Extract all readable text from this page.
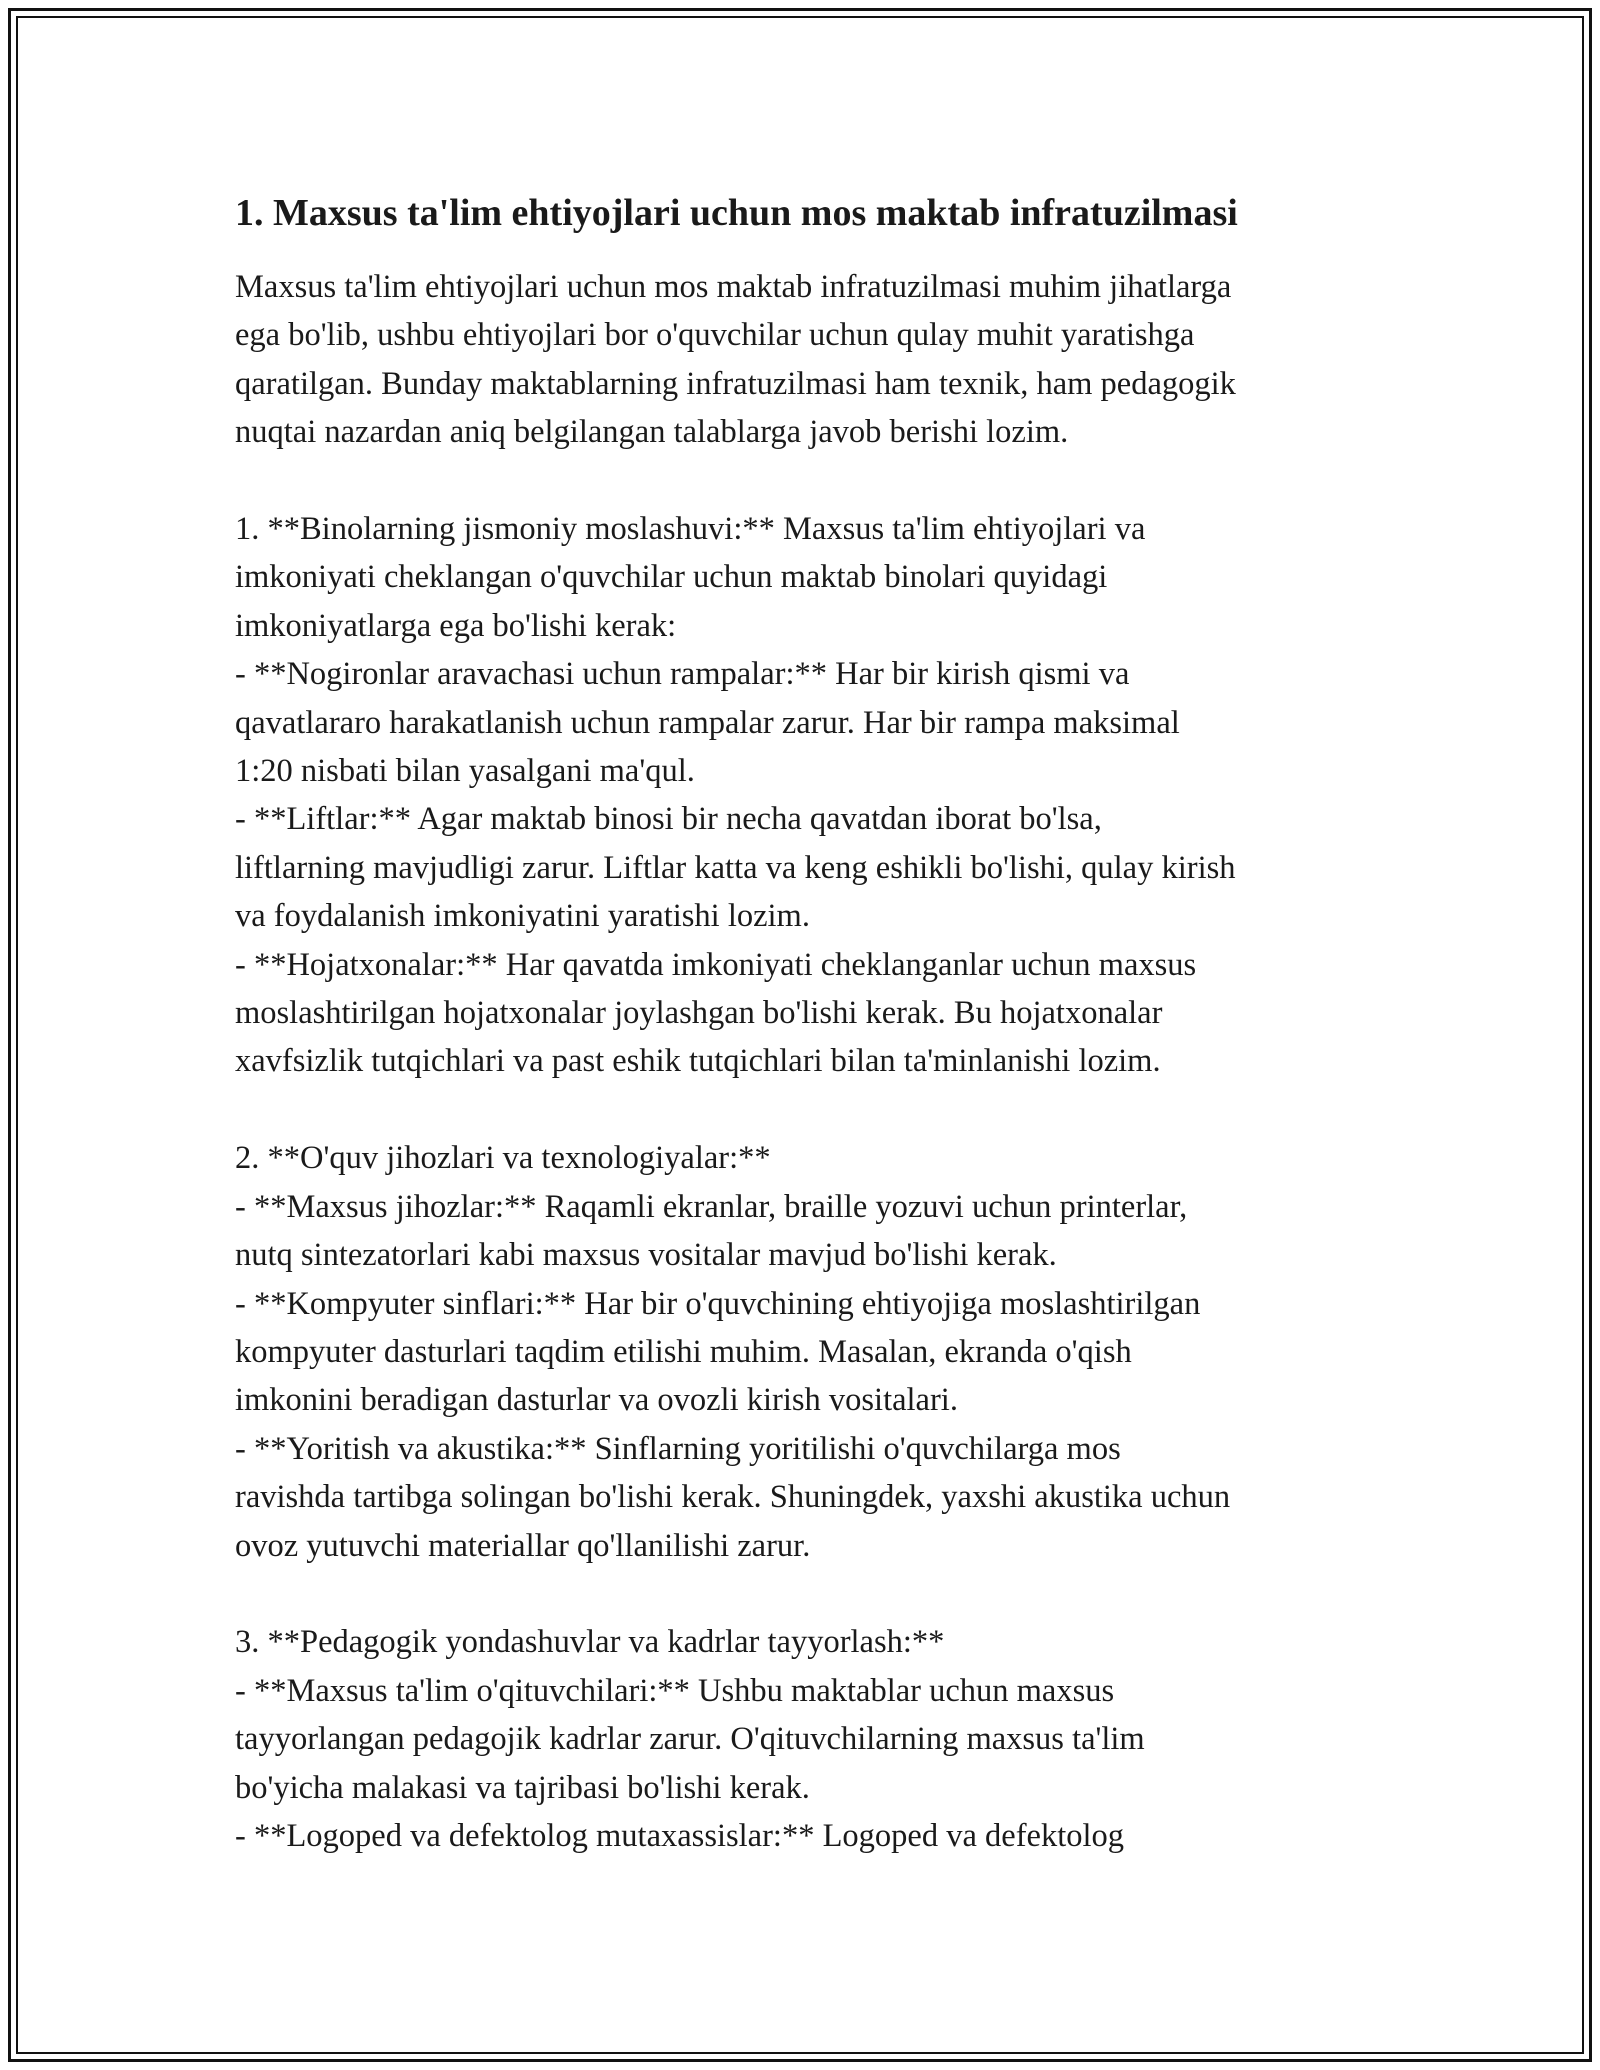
1. Maxsus ta'lim ehtiyojlari uchun mos maktab infratuzilmasi

Maxsus ta'lim ehtiyojlari uchun mos maktab infratuzilmasi muhim jihatlarga
ega bo'lib, ushbu ehtiyojlari bor o'quvchilar uchun qulay muhit yaratishga
qaratilgan. Bunday maktablarning infratuzilmasi ham texnik, ham pedagogik
nuqtai nazardan aniq belgilangan talablarga javob berishi lozim.

1. **Binolarning jismoniy moslashuvi:** Maxsus ta'lim ehtiyojlari va
imkoniyati cheklangan o'quvchilar uchun maktab binolari quyidagi
imkoniyatlarga ega bo'lishi kerak:

- **Nogironlar aravachasi uchun rampalar:** Har bir kirish qismi va
qavatlararo harakatlanish uchun rampalar zarur. Har bir rampa maksimal
1:20 nisbati bilan yasalgani ma'qul.

- **Liftlar:** Agar maktab binosi bir necha qavatdan iborat bo'lsa,
liftlarning mavjudligi zarur. Liftlar katta va keng eshikli bo'lishi, qulay kirish
va foydalanish imkoniyatini yaratishi lozim.

- **Hojatxonalar:** Har qavatda imkoniyati cheklanganlar uchun maxsus
moslashtirilgan hojatxonalar joylashgan bo'lishi kerak. Bu hojatxonalar
xavfsizlik tutqichlari va past eshik tutqichlari bilan ta'minlanishi lozim.

2. **O'quv jihozlari va texnologiyalar:**

- **Maxsus jihozlar:** Raqamli ekranlar, braille yozuvi uchun printerlar,
nutq sintezatorlari kabi maxsus vositalar mavjud bo'lishi kerak.

- **Kompyuter sinflari:** Har bir o'quvchining ehtiyojiga moslashtirilgan
kompyuter dasturlari taqdim etilishi muhim. Masalan, ekranda o'qish
imkonini beradigan dasturlar va ovozli kirish vositalari.

- **Yoritish va akustika:** Sinflarning yoritilishi o'quvchilarga mos
ravishda tartibga solingan bo'lishi kerak. Shuningdek, yaxshi akustika uchun
ovoz yutuvchi materiallar qo'llanilishi zarur.

3. **Pedagogik yondashuvlar va kadrlar tayyorlash:**

- **Maxsus ta'lim o'qituvchilari:** Ushbu maktablar uchun maxsus
tayyorlangan pedagojik kadrlar zarur. O'qituvchilarning maxsus ta'lim
bo'yicha malakasi va tajribasi bo'lishi kerak.

- **Logoped va defektolog mutaxassislar:** Logoped va defektolog
